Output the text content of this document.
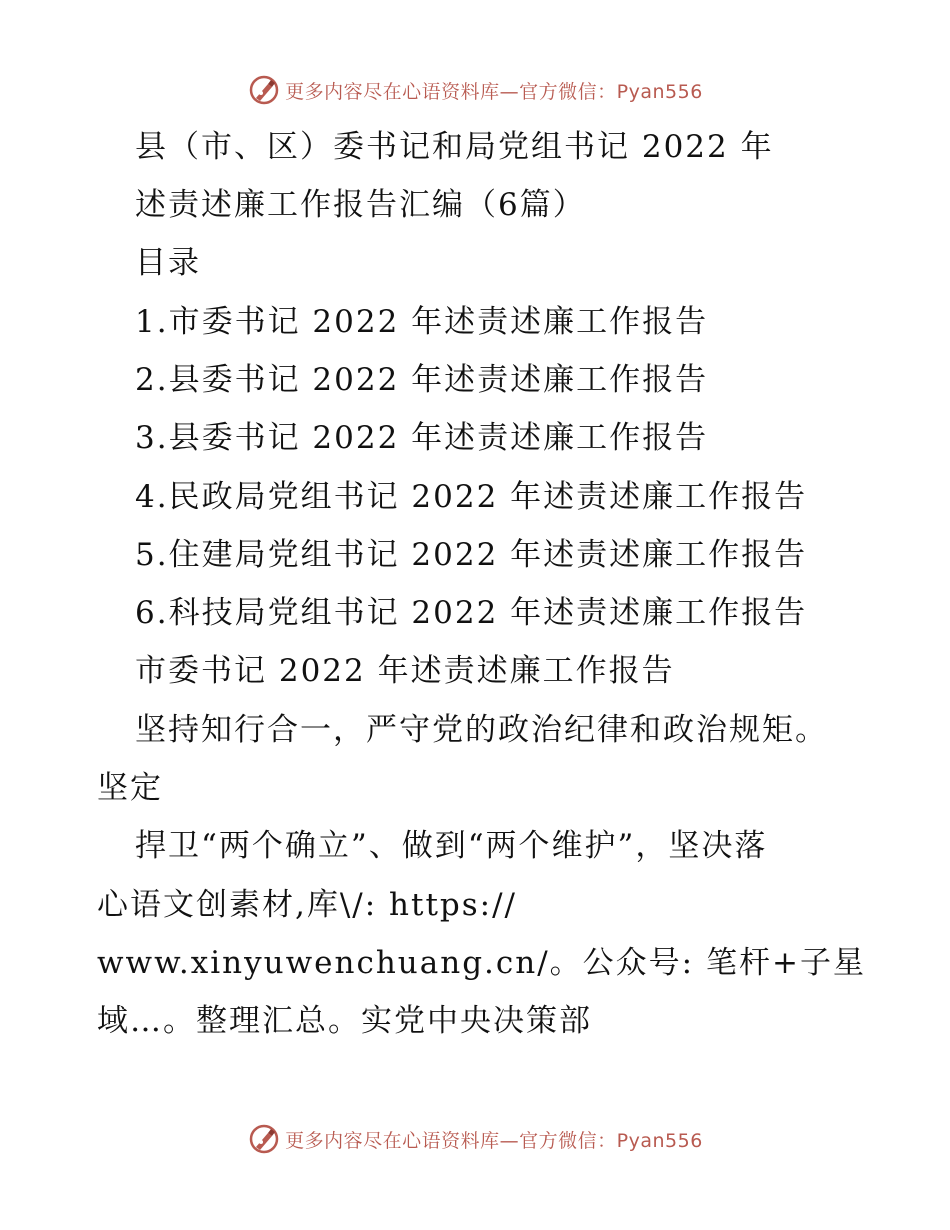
更多内容尽在心语资料库—官方微信：Pyan556
县（市、区）委书记和局党组书记 2022 年
述责述廉工作报告汇编（6篇）
目录
1.市委书记 2022 年述责述廉工作报告
2.县委书记 2022 年述责述廉工作报告
3.县委书记 2022 年述责述廉工作报告
4.民政局党组书记 2022 年述责述廉工作报告
5.住建局党组书记 2022 年述责述廉工作报告
6.科技局党组书记 2022 年述责述廉工作报告
市委书记 2022 年述责述廉工作报告
坚持知行合一，严守党的政治纪律和政治规矩。
坚定
捍卫“两个确立”、做到“两个维护”，坚决落
心语文创素材,库\/: https://
www.xinyuwenchuang.cn/。公众号: 笔杆+子星
域…。整理汇总。实党中央决策部
更多内容尽在心语资料库—官方微信：Pyan556
